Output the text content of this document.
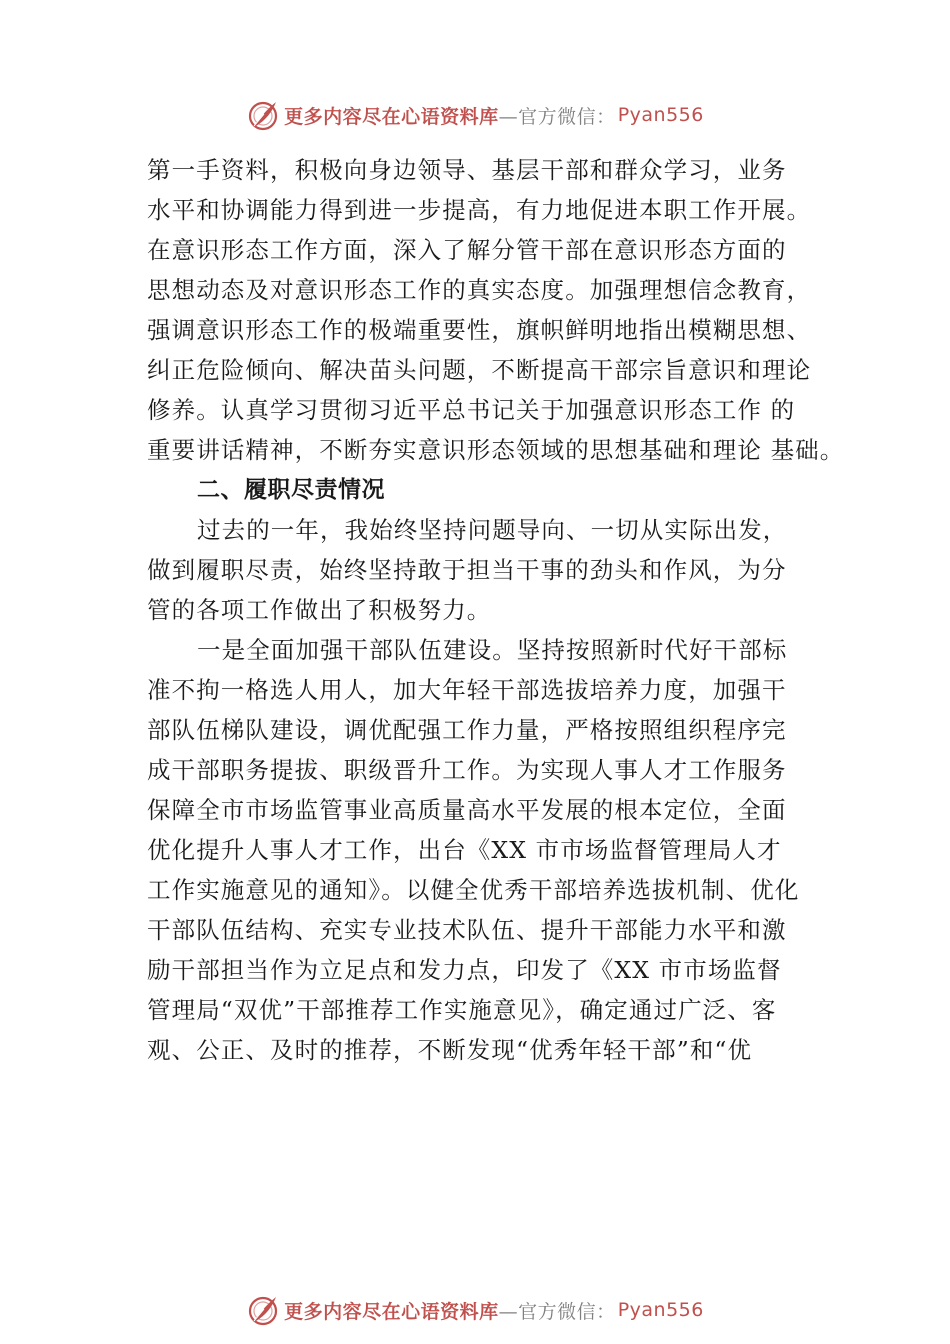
更多内容尽在心语资料库 —官方微信： Pyan556
第一手资料，积极向身边领导、基层干部和群众学习，业务
水平和协调能力得到进一步提高，有力地促进本职工作开展。
在意识形态工作方面，深入了解分管干部在意识形态方面的
思想动态及对意识形态工作的真实态度。加强理想信念教育，
强调意识形态工作的极端重要性，旗帜鲜明地指出模糊思想、
纠正危险倾向、解决苗头问题，不断提高干部宗旨意识和理论
修养。认真学习贯彻习近平总书记关于加强意识形态工作 的
重要讲话精神，不断夯实意识形态领域的思想基础和理论 基础。
二、履职尽责情况
过去的一年，我始终坚持问题导向、一切从实际出发，
做到履职尽责，始终坚持敢于担当干事的劲头和作风，为分
管的各项工作做出了积极努力。
一是全面加强干部队伍建设。坚持按照新时代好干部标
准不拘一格选人用人，加大年轻干部选拔培养力度，加强干
部队伍梯队建设，调优配强工作力量，严格按照组织程序完
成干部职务提拔、职级晋升工作。为实现人事人才工作服务
保障全市市场监管事业高质量高水平发展的根本定位，全面
优化提升人事人才工作，出台《XX 市市场监督管理局人才
工作实施意见的通知》。以健全优秀干部培养选拔机制、优化
干部队伍结构、充实专业技术队伍、提升干部能力水平和激
励干部担当作为立足点和发力点，印发了《XX 市市场监督
管理局“双优”干部推荐工作实施意见》，确定通过广泛、客
观、公正、及时的推荐，不断发现“优秀年轻干部”和“优
更多内容尽在心语资料库 —官方微信： Pyan556
